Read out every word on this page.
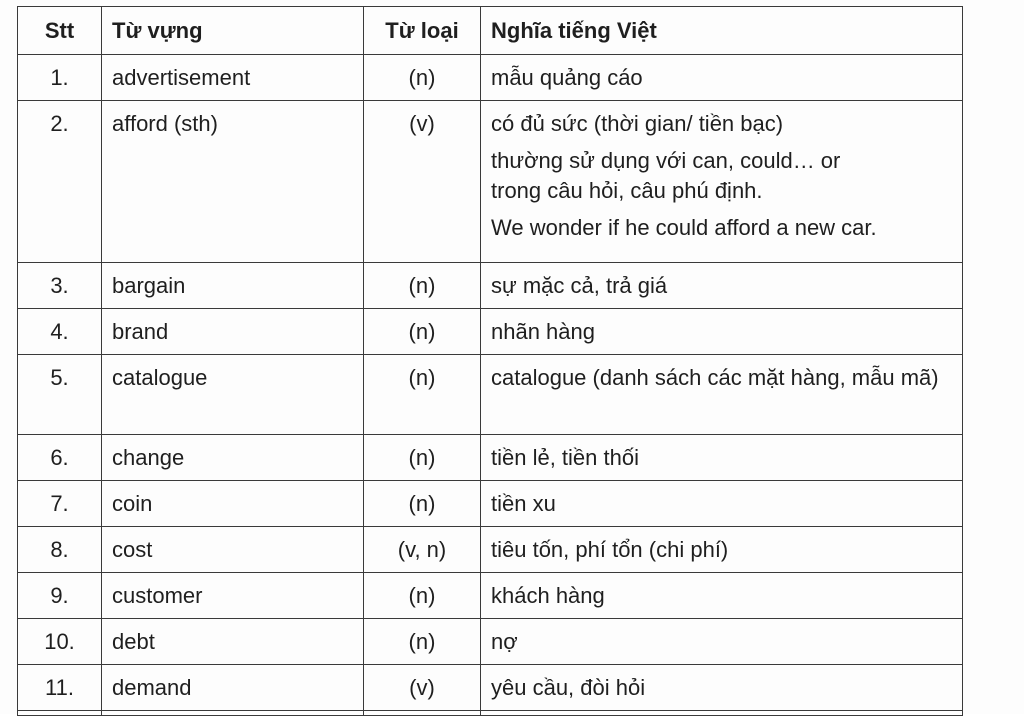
Stt	Từ vựng	Từ loại	Nghĩa tiếng Việt
1.	advertisement	(n)	mẫu quảng cáo

2.	afford (sth)	(v)	có đủ sức (thời gian/ tiền bạc)
thường sử dụng với can, could… or
trong câu hỏi, câu phú định.
We wonder if he could afford a new car.

3.	bargain	(n)	sự mặc cả, trả giá

4.	brand	(n)	nhãn hàng

5.	catalogue	(n)	catalogue (danh sách các mặt hàng, mẫu mã)

6.	change	(n)	tiền lẻ, tiền thối

7.	coin	(n)	tiền xu

8.	cost	(v, n)	tiêu tốn, phí tổn (chi phí)

9.	customer	(n)	khách hàng

10.	debt	(n)	nợ

11.	demand	(v)	yêu cầu, đòi hỏi
